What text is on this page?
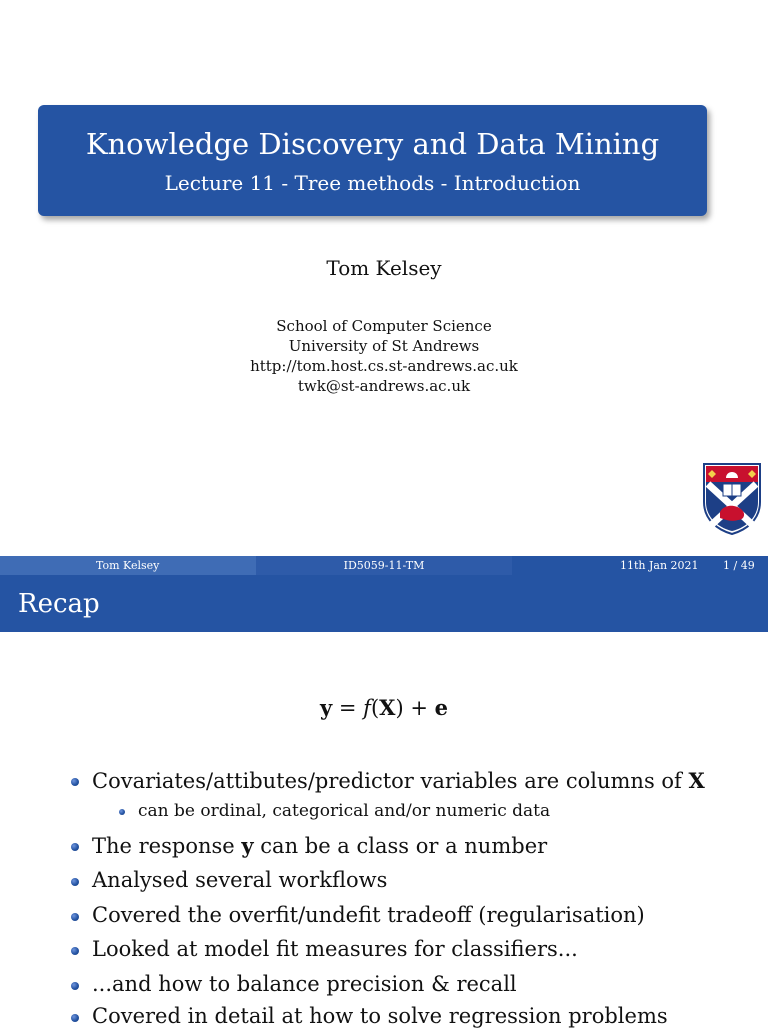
Knowledge Discovery and Data Mining
Lecture 11 - Tree methods - Introduction
Tom Kelsey
School of Computer Science
University of St Andrews
http://tom.host.cs.st-andrews.ac.uk
twk@st-andrews.ac.uk
Tom Kelsey	ID5059-11-TM	11th Jan 2021 1 / 49
Recap
y = f(X) + e
Covariates/attibutes/predictor variables are columns of X
can be ordinal, categorical and/or numeric data
The response y can be a class or a number
Analysed several workflows
Covered the overfit/undefit tradeoff (regularisation)
Looked at model fit measures for classifiers...
...and how to balance precision & recall
Covered in detail at how to solve regression problems
